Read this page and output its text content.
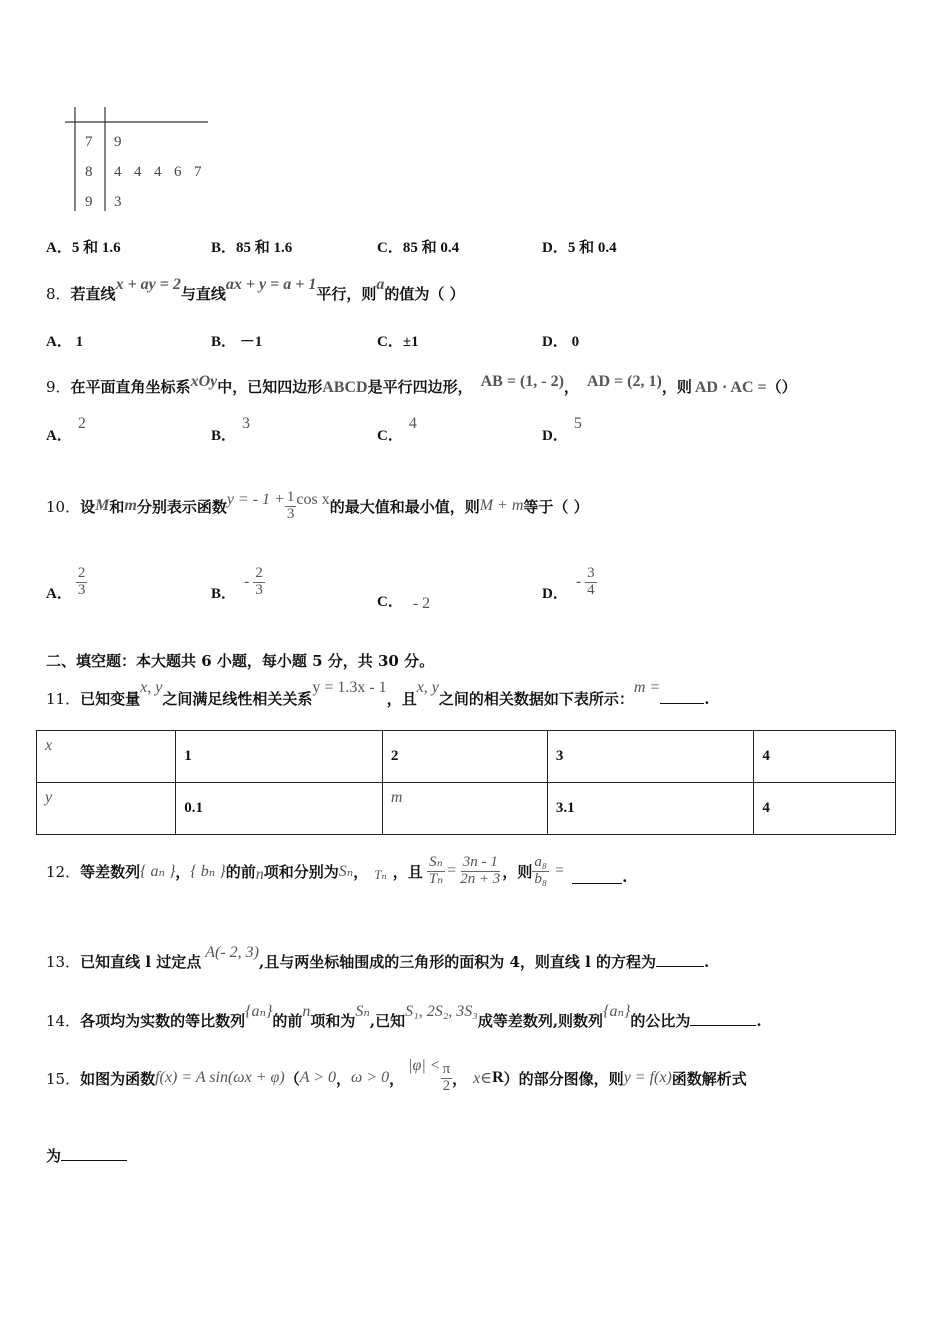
7 9
8 4 4 4 6 7
9 3
A．5 和 1.6	B．85 和 1.6	C．85 和 0.4	D．5 和 0.4
8．若直线x + ay = 2与直线ax + y = a + 1平行，则a的值为（ ）
A． 1	B． －1	C．±1	D． 0
9．在平面直角坐标系xOy中，已知四边形ABCD是平行四边形， AB = (1, - 2)， AD = (2, 1)，则 AD · AC =（）
A．2
B．3
C．4
D．5
10． 设 M 和 m 分别表示函数 y = - $1 + \frac{1}{3}$ cos x 的最大值和最小值，则 M + m 等于（ ）
A． $\frac{2}{3}$	B．
- $\frac{2}{3}$
C． - 2
D．
- $\frac{3}{4}$
二、填空题：本大题共 6 小题，每小题 5 分，共 30 分。
11．已知变量x, y之间满足线性相关关系y = 1.3x - 1，且x, y之间的相关数据如下表所示：m =.
x	1	2	3	4
y	0.1	m	3.1	4
12． 等差数列 { aₙ } ， { bₙ } 的前 n 项和分别为 Sₙ ， Tₙ ，且 $\frac{\text{Sₙ}}{\text{Tₙ}} = \frac{3n - 1}{2n + 3}$ ，则 $\frac{\text{a₈}}{\text{b₈}}$ =	.
13．已知直线 l 过定点A(- 2, 3),且与两坐标轴围成的三角形的面积为 4，则直线 l 的方程为	.
14．各项均为实数的等比数列{aₙ}的前n项和为Sₙ,已知S₁, 2S₂, 3S₃成等差数列,则数列{aₙ}的公比为	.
15． 如图为函数 f(x) = A sin(ωx + φ) （ A > 0 ， ω > 0 ，
$|\varphi| < \frac{\pi}{2}$ ， x∈ R ）的部分图像，则 y = f(x) 函数解析式
为
